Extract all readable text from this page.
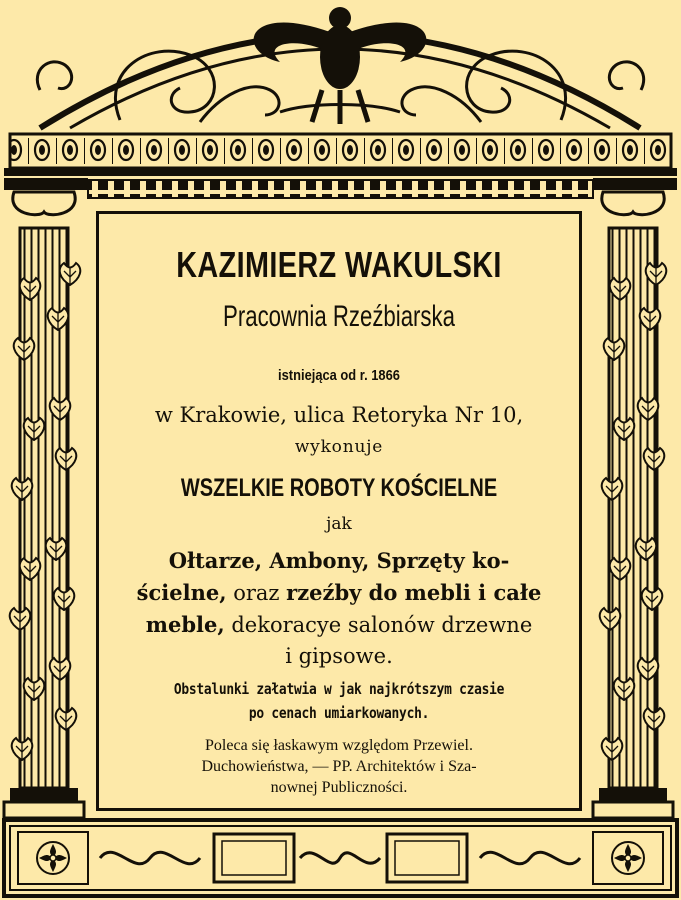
KAZIMIERZ WAKULSKI

Pracownia Rzeźbiarska

istniejąca od r. 1866

w Krakowie, ulica Retoryka Nr 10,

wykonuje

WSZELKIE ROBOTY KOŚCIELNE

jak

Ołtarze, Ambony, Sprzęty ko-

ścielne, oraz rzeźby do mebli i całe

meble, dekoracye salonów drzewne

i gipsowe.

Obstalunki załatwia w jak najkrótszym czasie

po cenach umiarkowanych.

Poleca się łaskawym względom Przewiel.

Duchowieństwa, — PP. Architektów i Sza-

nownej Publiczności.
